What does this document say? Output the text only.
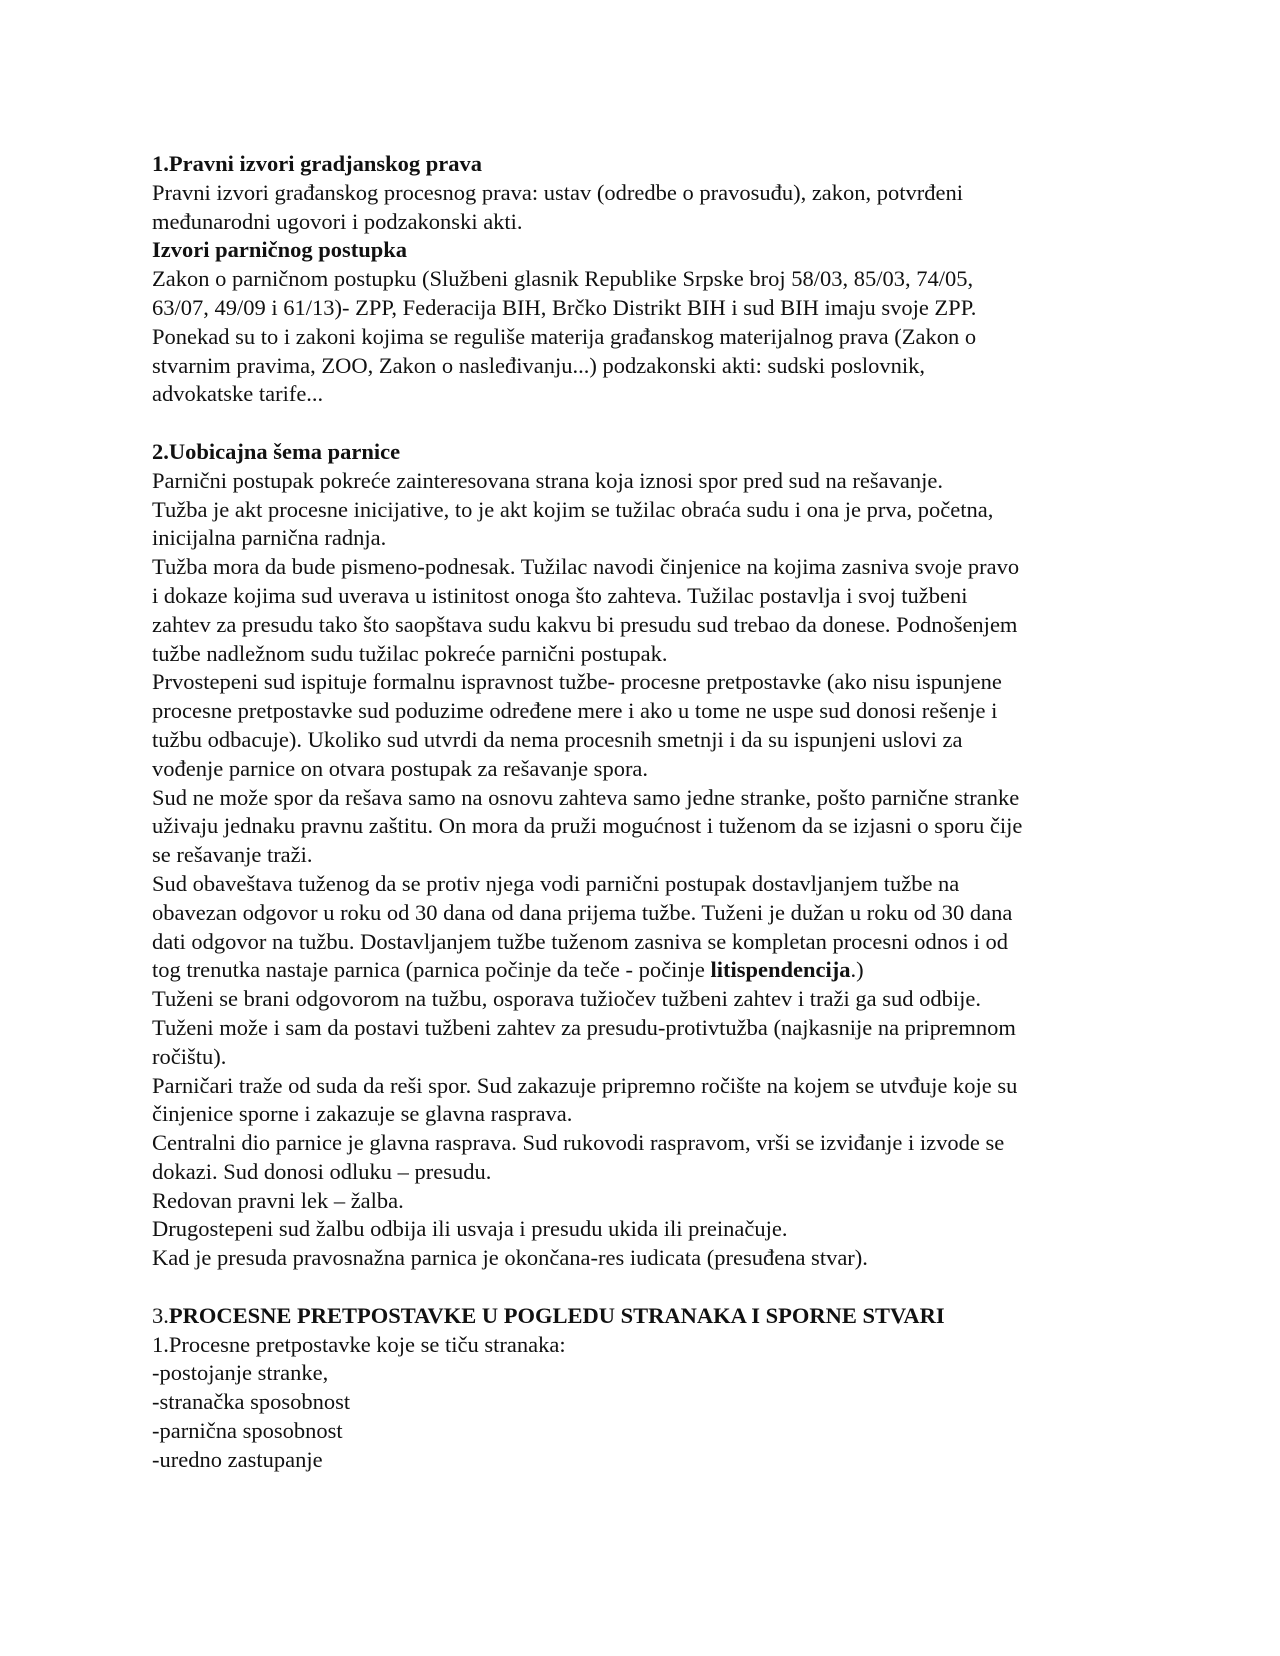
1.Pravni izvori gradjanskog prava
Pravni izvori građanskog procesnog prava: ustav (odredbe o pravosuđu), zakon, potvrđeni
međunarodni ugovori i podzakonski akti.
Izvori parničnog postupka
Zakon o parničnom postupku (Službeni glasnik Republike Srpske broj 58/03, 85/03, 74/05,
63/07, 49/09 i 61/13)- ZPP, Federacija BIH, Brčko Distrikt BIH i sud BIH imaju svoje ZPP.
Ponekad su to i zakoni kojima se reguliše materija građanskog materijalnog prava (Zakon o
stvarnim pravima, ZOO, Zakon o nasleđivanju...) podzakonski akti: sudski poslovnik,
advokatske tarife...
2.Uobicajna šema parnice
Parnični postupak pokreće zainteresovana strana koja iznosi spor pred sud na rešavanje.
Tužba je akt procesne inicijative, to je akt kojim se tužilac obraća sudu i ona je prva, početna,
inicijalna parnična radnja.
Tužba mora da bude pismeno-podnesak. Tužilac navodi činjenice na kojima zasniva svoje pravo
i dokaze kojima sud uverava u istinitost onoga što zahteva. Tužilac postavlja i svoj tužbeni
zahtev za presudu tako što saopštava sudu kakvu bi presudu sud trebao da donese. Podnošenjem
tužbe nadležnom sudu tužilac pokreće parnični postupak.
Prvostepeni sud ispituje formalnu ispravnost tužbe- procesne pretpostavke (ako nisu ispunjene
procesne pretpostavke sud poduzime određene mere i ako u tome ne uspe sud donosi rešenje i
tužbu odbacuje). Ukoliko sud utvrdi da nema procesnih smetnji i da su ispunjeni uslovi za
vođenje parnice on otvara postupak za rešavanje spora.
Sud ne može spor da rešava samo na osnovu zahteva samo jedne stranke, pošto parnične stranke
uživaju jednaku pravnu zaštitu. On mora da pruži mogućnost i tuženom da se izjasni o sporu čije
se rešavanje traži.
Sud obaveštava tuženog da se protiv njega vodi parnični postupak dostavljanjem tužbe na
obavezan odgovor u roku od 30 dana od dana prijema tužbe. Tuženi je dužan u roku od 30 dana
dati odgovor na tužbu. Dostavljanjem tužbe tuženom zasniva se kompletan procesni odnos i od
tog trenutka nastaje parnica (parnica počinje da teče - počinje litispendencija.)
Tuženi se brani odgovorom na tužbu, osporava tužiočev tužbeni zahtev i traži ga sud odbije.
Tuženi može i sam da postavi tužbeni zahtev za presudu-protivtužba (najkasnije na pripremnom
ročištu).
Parničari traže od suda da reši spor. Sud zakazuje pripremno ročište na kojem se utvđuje koje su
činjenice sporne i zakazuje se glavna rasprava.
Centralni dio parnice je glavna rasprava. Sud rukovodi raspravom, vrši se izviđanje i izvode se
dokazi. Sud donosi odluku – presudu.
Redovan pravni lek – žalba.
Drugostepeni sud žalbu odbija ili usvaja i presudu ukida ili preinačuje.
Kad je presuda pravosnažna parnica je okončana-res iudicata (presuđena stvar).
3.PROCESNE PRETPOSTAVKE U POGLEDU STRANAKA I SPORNE STVARI
1.Procesne pretpostavke koje se tiču stranaka:
-postojanje stranke,
-stranačka sposobnost
-parnična sposobnost
-uredno zastupanje
